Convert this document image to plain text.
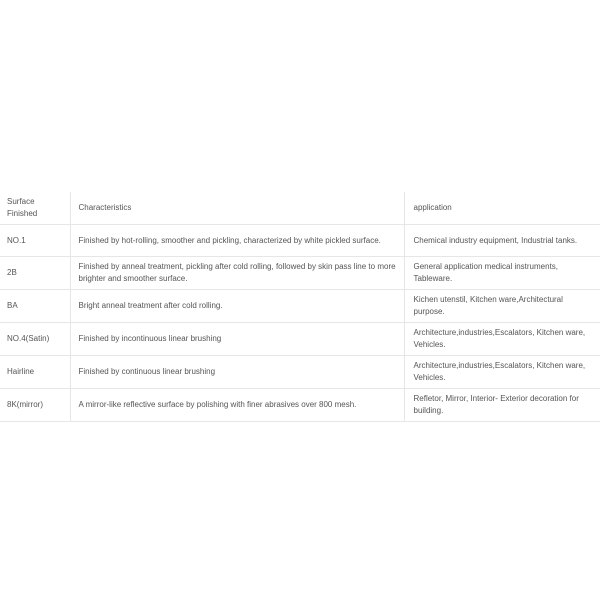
Surface Finished	Characteristics	application
NO.1	Finished by hot-rolling, smoother and pickling, characterized by white pickled surface.	Chemical industry equipment, Industrial tanks.
2B	Finished by anneal treatment, pickling after cold rolling, followed by skin pass line to more brighter and smoother surface.	General application medical instruments, Tableware.
BA	Bright anneal treatment after cold rolling.	Kichen utenstil, Kitchen ware,Architectural purpose.
NO.4(Satin)	Finished by incontinuous linear brushing	Architecture,industries,Escalators, Kitchen ware, Vehicles.
Hairline	Finished by continuous linear brushing	Architecture,industries,Escalators, Kitchen ware, Vehicles.
8K(mirror)	A mirror-like reflective surface by polishing with finer abrasives over 800 mesh.	Refletor, Mirror, Interior- Exterior decoration for building.
